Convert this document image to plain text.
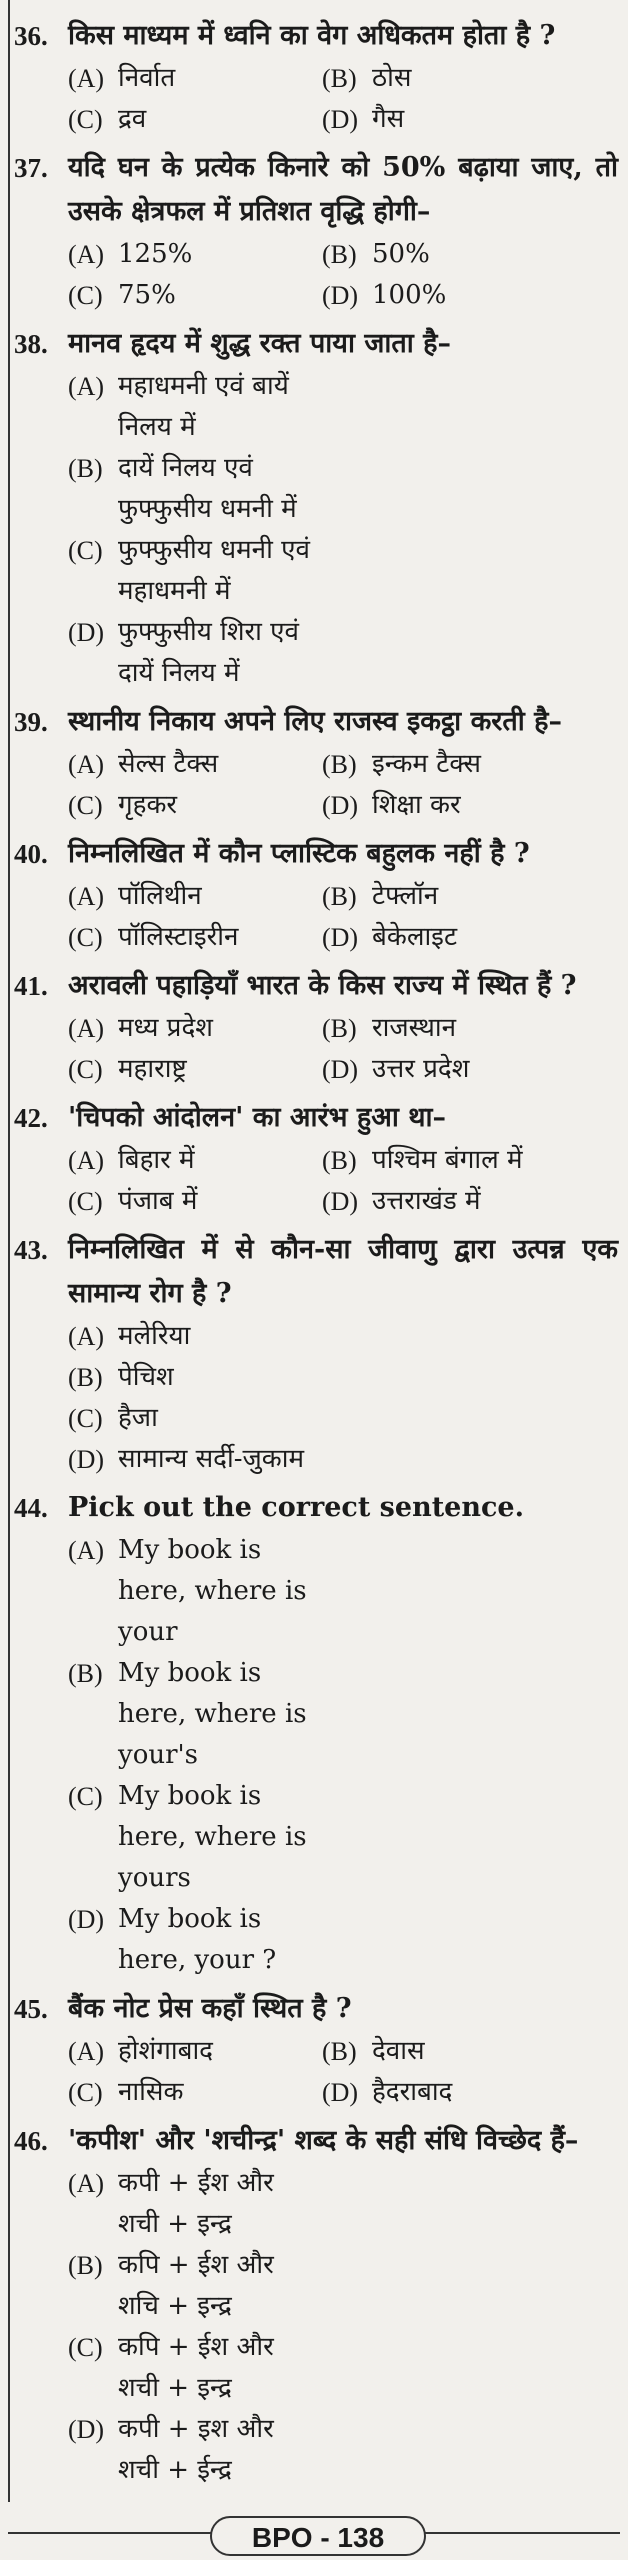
36. किस माध्यम में ध्वनि का वेग अधिकतम होता है ?
(A) निर्वात	(B) ठोस
(C) द्रव	(D) गैस
37. यदि घन के प्रत्येक किनारे को 50% बढ़ाया जाए, तो उसके क्षेत्रफल में प्रतिशत वृद्धि होगी–
(A) 125%	(B) 50%
(C) 75%	(D) 100%
38. मानव हृदय में शुद्ध रक्त पाया जाता है–
(A) महाधमनी एवं बायें निलय में
(B) दायें निलय एवं फुफ्फुसीय धमनी में
(C) फुफ्फुसीय धमनी एवं महाधमनी में
(D) फुफ्फुसीय शिरा एवं दायें निलय में
39. स्थानीय निकाय अपने लिए राजस्व इकट्ठा करती है–
(A) सेल्स टैक्स	(B) इन्कम टैक्स
(C) गृहकर	(D) शिक्षा कर
40. निम्नलिखित में कौन प्लास्टिक बहुलक नहीं है ?
(A) पॉलिथीन	(B) टेफ्लॉन
(C) पॉलिस्टाइरीन	(D) बेकेलाइट
41. अरावली पहाड़ियाँ भारत के किस राज्य में स्थित हैं ?
(A) मध्य प्रदेश	(B) राजस्थान
(C) महाराष्ट्र	(D) उत्तर प्रदेश
42. 'चिपको आंदोलन' का आरंभ हुआ था–
(A) बिहार में	(B) पश्चिम बंगाल में
(C) पंजाब में	(D) उत्तराखंड में
43. निम्नलिखित में से कौन-सा जीवाणु द्वारा उत्पन्न एक सामान्य रोग है ?
(A) मलेरिया
(B) पेचिश
(C) हैजा
(D) सामान्य सर्दी-जुकाम
44. Pick out the correct sentence.
(A) My book is here, where is your
(B) My book is here, where is your's
(C) My book is here, where is yours
(D) My book is here, your ?
45. बैंक नोट प्रेस कहाँ स्थित है ?
(A) होशंगाबाद	(B) देवास
(C) नासिक	(D) हैदराबाद
46. 'कपीश' और 'शचीन्द्र' शब्द के सही संधि विच्छेद हैं–
(A) कपी + ईश और शची + इन्द्र
(B) कपि + ईश और शचि + इन्द्र
(C) कपि + ईश और शची + इन्द्र
(D) कपी + इश और शची + ईन्द्र
BPO - 138
